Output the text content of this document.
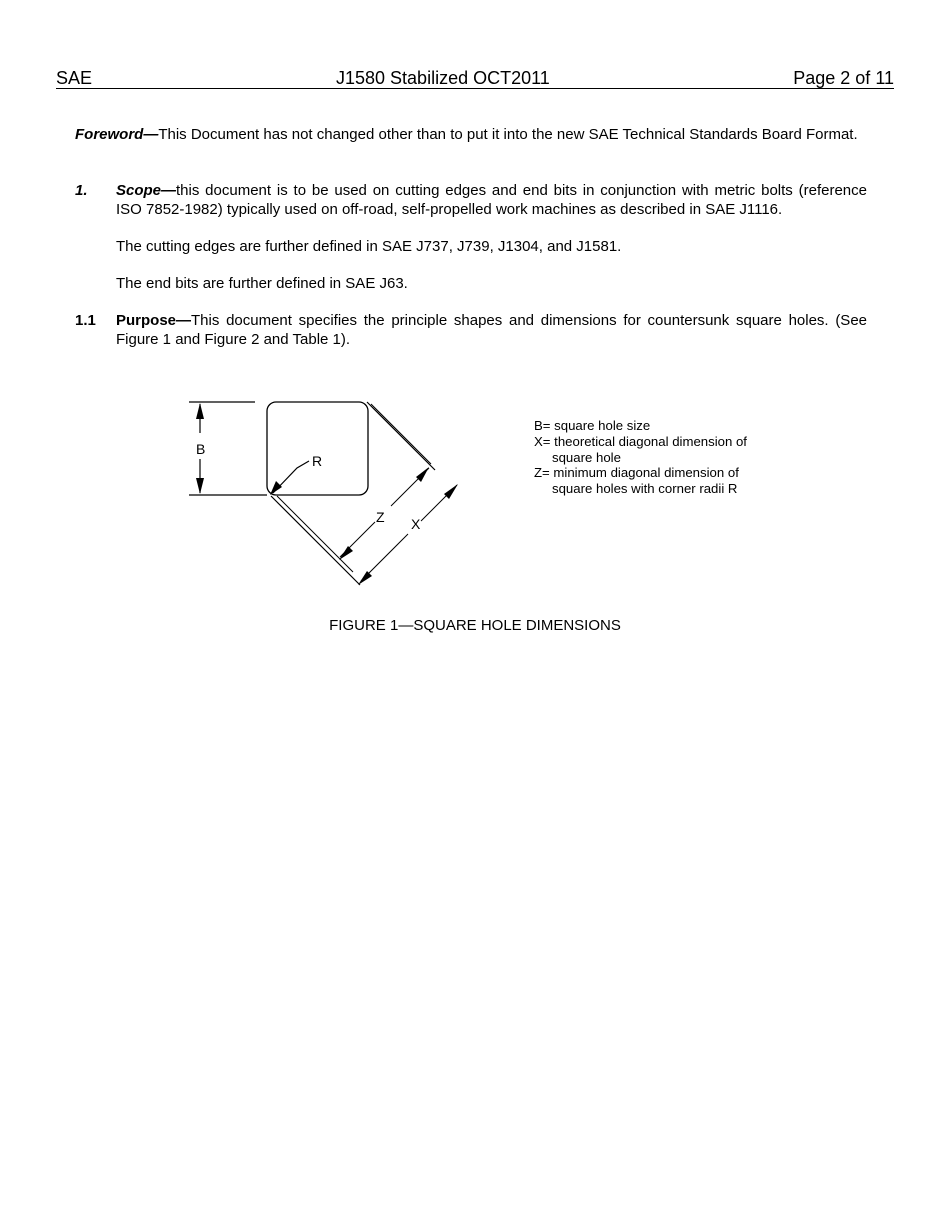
SAE	J1580 Stabilized OCT2011	Page 2 of 11
Foreword—This Document has not changed other than to put it into the new SAE Technical Standards Board Format.
1. Scope—this document is to be used on cutting edges and end bits in conjunction with metric bolts (reference ISO 7852-1982) typically used on off-road, self-propelled work machines as described in SAE J1116.
The cutting edges are further defined in SAE J737, J739, J1304, and J1581.
The end bits are further defined in SAE J63.
1.1 Purpose—This document specifies the principle shapes and dimensions for countersunk square holes. (See Figure 1 and Figure 2 and Table 1).
B
R
Z X
B= square hole size
X= theoretical diagonal dimension of
square hole
Z= minimum diagonal dimension of
square holes with corner radii R
FIGURE 1—SQUARE HOLE DIMENSIONS
